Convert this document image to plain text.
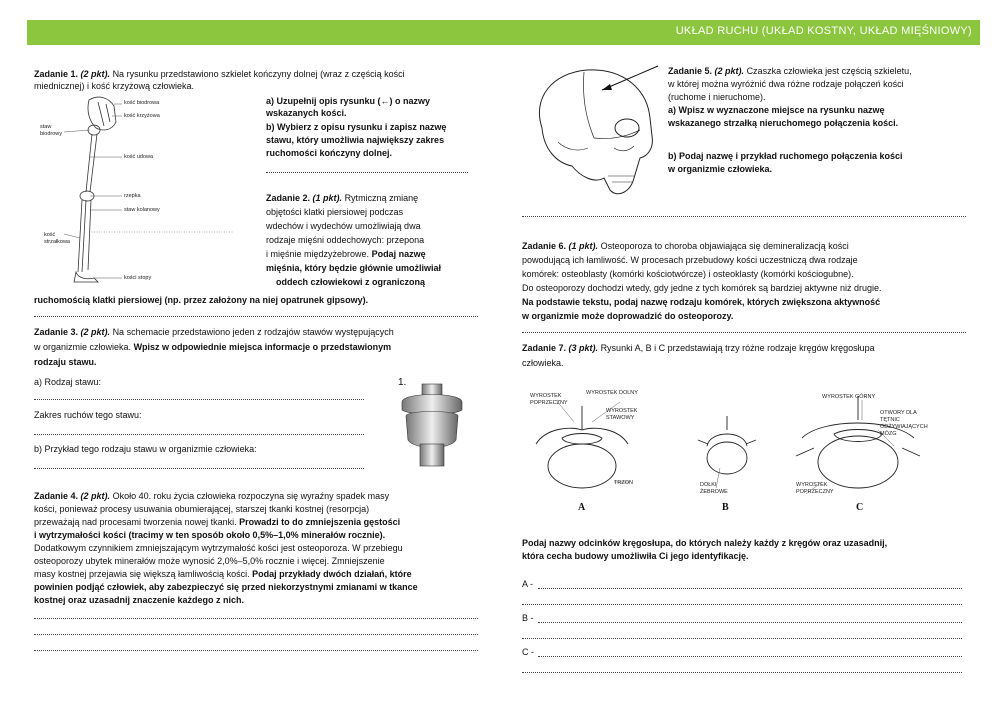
UKŁAD RUCHU (UKŁAD KOSTNY, UKŁAD MIĘŚNIOWY)
Zadanie 1. (2 pkt). Na rysunku przedstawiono szkielet kończyny dolnej (wraz z częścią kości
miednicznej) i kość krzyżową człowieka.
kość biodrowa
kość krzyżowa
staw
biodrowy
kość udowa
rzepka
staw kolanowy
kość
strzałkowa
kości stopy
a) Uzupełnij opis rysunku (←) o nazwy
wskazanych kości.
b) Wybierz z opisu rysunku i zapisz nazwę
stawu, który umożliwia największy zakres
ruchomości kończyny dolnej.
Zadanie 2. (1 pkt). Rytmiczną zmianę
objętości klatki piersiowej podczas
wdechów i wydechów umożliwiają dwa
rodzaje mięśni oddechowych: przepona
i mięśnie międzyżebrowe. Podaj nazwę
mięśnia, który będzie głównie umożliwiał
oddech człowiekowi z ograniczoną
ruchomością klatki piersiowej (np. przez założony na niej opatrunek gipsowy).
Zadanie 3. (2 pkt). Na schemacie przedstawiono jeden z rodzajów stawów występujących
w organizmie człowieka. Wpisz w odpowiednie miejsca informacje o przedstawionym
rodzaju stawu.
a) Rodzaj stawu:
Zakres ruchów tego stawu:
b) Przykład tego rodzaju stawu w organizmie człowieka:
1.
Zadanie 4. (2 pkt). Około 40. roku życia człowieka rozpoczyna się wyraźny spadek masy
kości, ponieważ procesy usuwania obumierającej, starszej tkanki kostnej (resorpcja)
przeważają nad procesami tworzenia nowej tkanki. Prowadzi to do zmniejszenia gęstości
i wytrzymałości kości (tracimy w ten sposób około 0,5%–1,0% minerałów rocznie).
Dodatkowym czynnikiem zmniejszającym wytrzymałość kości jest osteoporoza. W przebiegu
osteoporozy ubytek minerałów może wynosić 2,0%–5,0% rocznie i więcej. Zmniejszenie
masy kostnej przejawia się większą łamliwością kości. Podaj przykłady dwóch działań, które
powinien podjąć człowiek, aby zabezpieczyć się przed niekorzystnymi zmianami w tkance
kostnej oraz uzasadnij znaczenie każdego z nich.
Zadanie 5. (2 pkt). Czaszka człowieka jest częścią szkieletu,
w której można wyróżnić dwa różne rodzaje połączeń kości
(ruchome i nieruchome).
a) Wpisz w wyznaczone miejsce na rysunku nazwę
wskazanego strzałką nieruchomego połączenia kości.
b) Podaj nazwę i przykład ruchomego połączenia kości
w organizmie człowieka.
Zadanie 6. (1 pkt). Osteoporoza to choroba objawiająca się demineralizacją kości
powodującą ich łamliwość. W procesach przebudowy kości uczestniczą dwa rodzaje
komórek: osteoblasty (komórki kościotwórcze) i osteoklasty (komórki kościogubne).
Do osteoporozy dochodzi wtedy, gdy jedne z tych komórek są bardziej aktywne niż drugie.
Na podstawie tekstu, podaj nazwę rodzaju komórek, których zwiększona aktywność
w organizmie może doprowadzić do osteoporozy.
Zadanie 7. (3 pkt). Rysunki A, B i C przedstawiają trzy różne rodzaje kręgów kręgosłupa
człowieka.
WYROSTEK
POPRZECZNY
WYROSTEK DOLNY
WYROSTEK
STAWOWY
TRZON	DOŁKI
ŻEBROWE
WYROSTEK GÓRNY
OTWORY DLA
TĘTNIC
ODŻYWIAJĄCYCH
MÓZG
WYROSTEK
POPRZECZNY
A	B	C
Podaj nazwy odcinków kręgosłupa, do których należy każdy z kręgów oraz uzasadnij,
która cecha budowy umożliwiła Ci jego identyfikację.
A -
B -
C -
